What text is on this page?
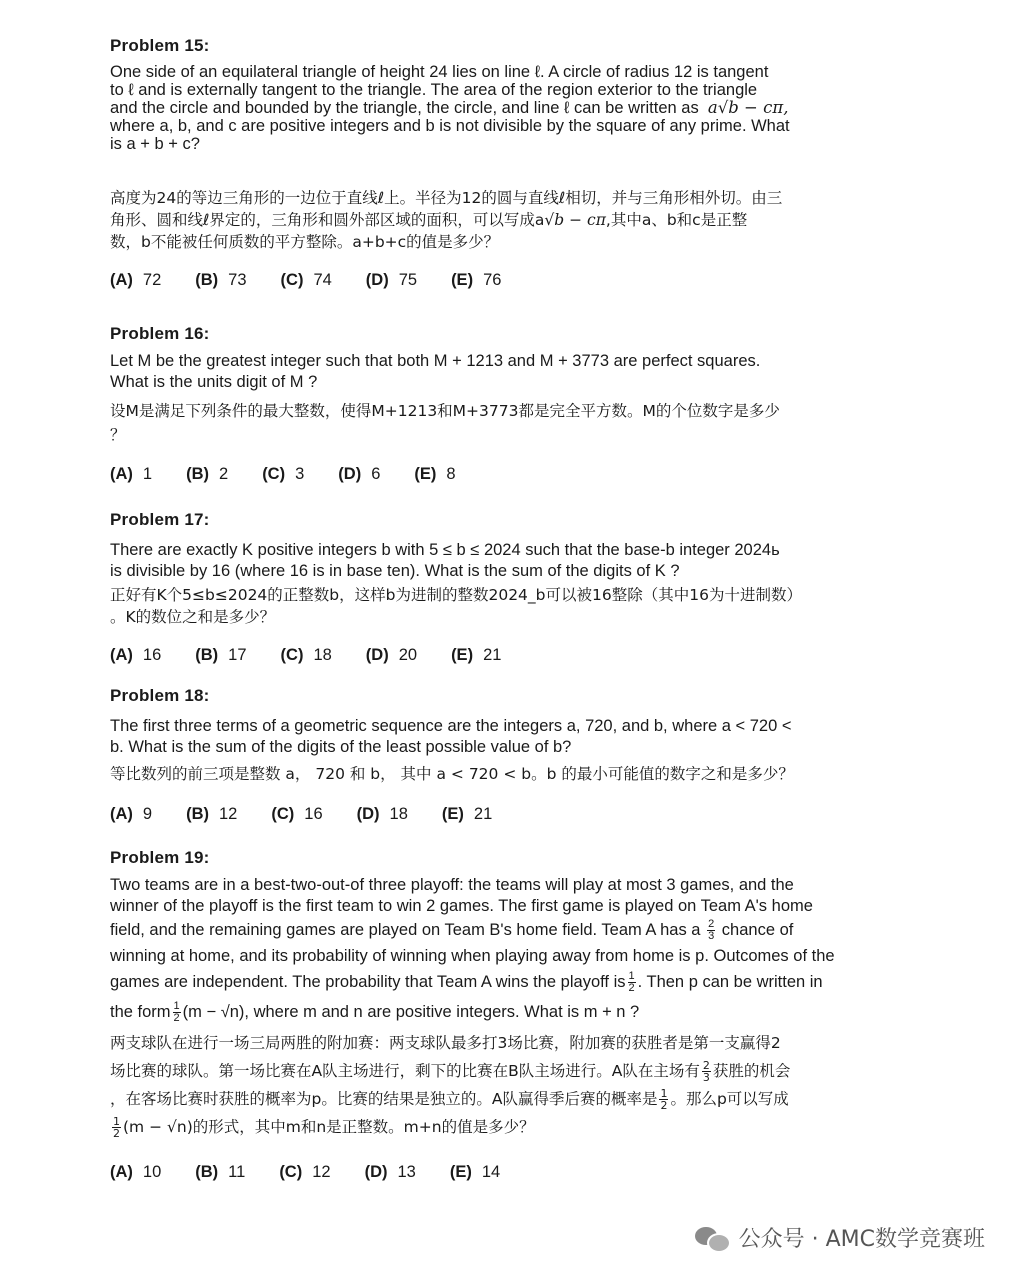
Problem 15:
One side of an equilateral triangle of height 24 lies on line ℓ. A circle of radius 12 is tangent
to ℓ and is externally tangent to the triangle. The area of the region exterior to the triangle
and the circle and bounded by the triangle, the circle, and line ℓ can be written as a√b − cπ,
where a, b, and c are positive integers and b is not divisible by the square of any prime. What
is a + b + c?
高度为24的等边三角形的一边位于直线ℓ上。半径为12的圆与直线ℓ相切，并与三角形相外切。由三
角形、圆和线ℓ界定的，三角形和圆外部区域的面积，可以写成a√b − cπ,其中a、b和c是正整
数，b不能被任何质数的平方整除。a+b+c的值是多少？
(A) 72 (B) 73 (C) 74 (D) 75 (E) 76
Problem 16:
Let M be the greatest integer such that both M + 1213 and M + 3773 are perfect squares.
What is the units digit of M ?
设M是满足下列条件的最大整数，使得M+1213和M+3773都是完全平方数。M的个位数字是多少
？
(A) 1 (B) 2 (C) 3 (D) 6 (E) 8
Problem 17:
There are exactly K positive integers b with 5 ≤ b ≤ 2024 such that the base-b integer 2024ь
is divisible by 16 (where 16 is in base ten). What is the sum of the digits of K ?
正好有K个5≤b≤2024的正整数b，这样b为进制的整数2024_b可以被16整除（其中16为十进制数）
。K的数位之和是多少？
(A) 16 (B) 17 (C) 18 (D) 20 (E) 21
Problem 18:
The first three terms of a geometric sequence are the integers a, 720, and b, where a < 720 <
b. What is the sum of the digits of the least possible value of b?
等比数列的前三项是整数 a， 720 和 b， 其中 a < 720 < b。b 的最小可能值的数字之和是多少？
(A) 9 (B) 12 (C) 16 (D) 18 (E) 21
Problem 19:
Two teams are in a best-two-out-of three playoff: the teams will play at most 3 games, and the
winner of the playoff is the first team to win 2 games. The first game is played on Team A's home
field, and the remaining games are played on Team B's home field. Team A has a $\frac{2}{3}$ chance of
winning at home, and its probability of winning when playing away from home is p. Outcomes of the
games are independent. The probability that Team A wins the playoff is $\frac{1}{2}$ . Then p can be written in
the form $\frac{1}{2} (m - √n)$, where m and n are positive integers. What is m + n ?
两支球队在进行一场三局两胜的附加赛：两支球队最多打3场比赛，附加赛的获胜者是第一支赢得2
场比赛的球队。第一场比赛在A队主场进行，剩下的比赛在B队主场进行。A队在主场有 $\frac{2}{3}$ 获胜的机会
，在客场比赛时获胜的概率为p。比赛的结果是独立的。A队赢得季后赛的概率是 $\frac{1}{2}$ 。那么p可以写成
$\frac{1}{2} (m - √n)$的形式，其中m和n是正整数。m+n的值是多少？
(A) 10 (B) 11 (C) 12 (D) 13 (E) 14
公众号 · AMC数学竞赛班
